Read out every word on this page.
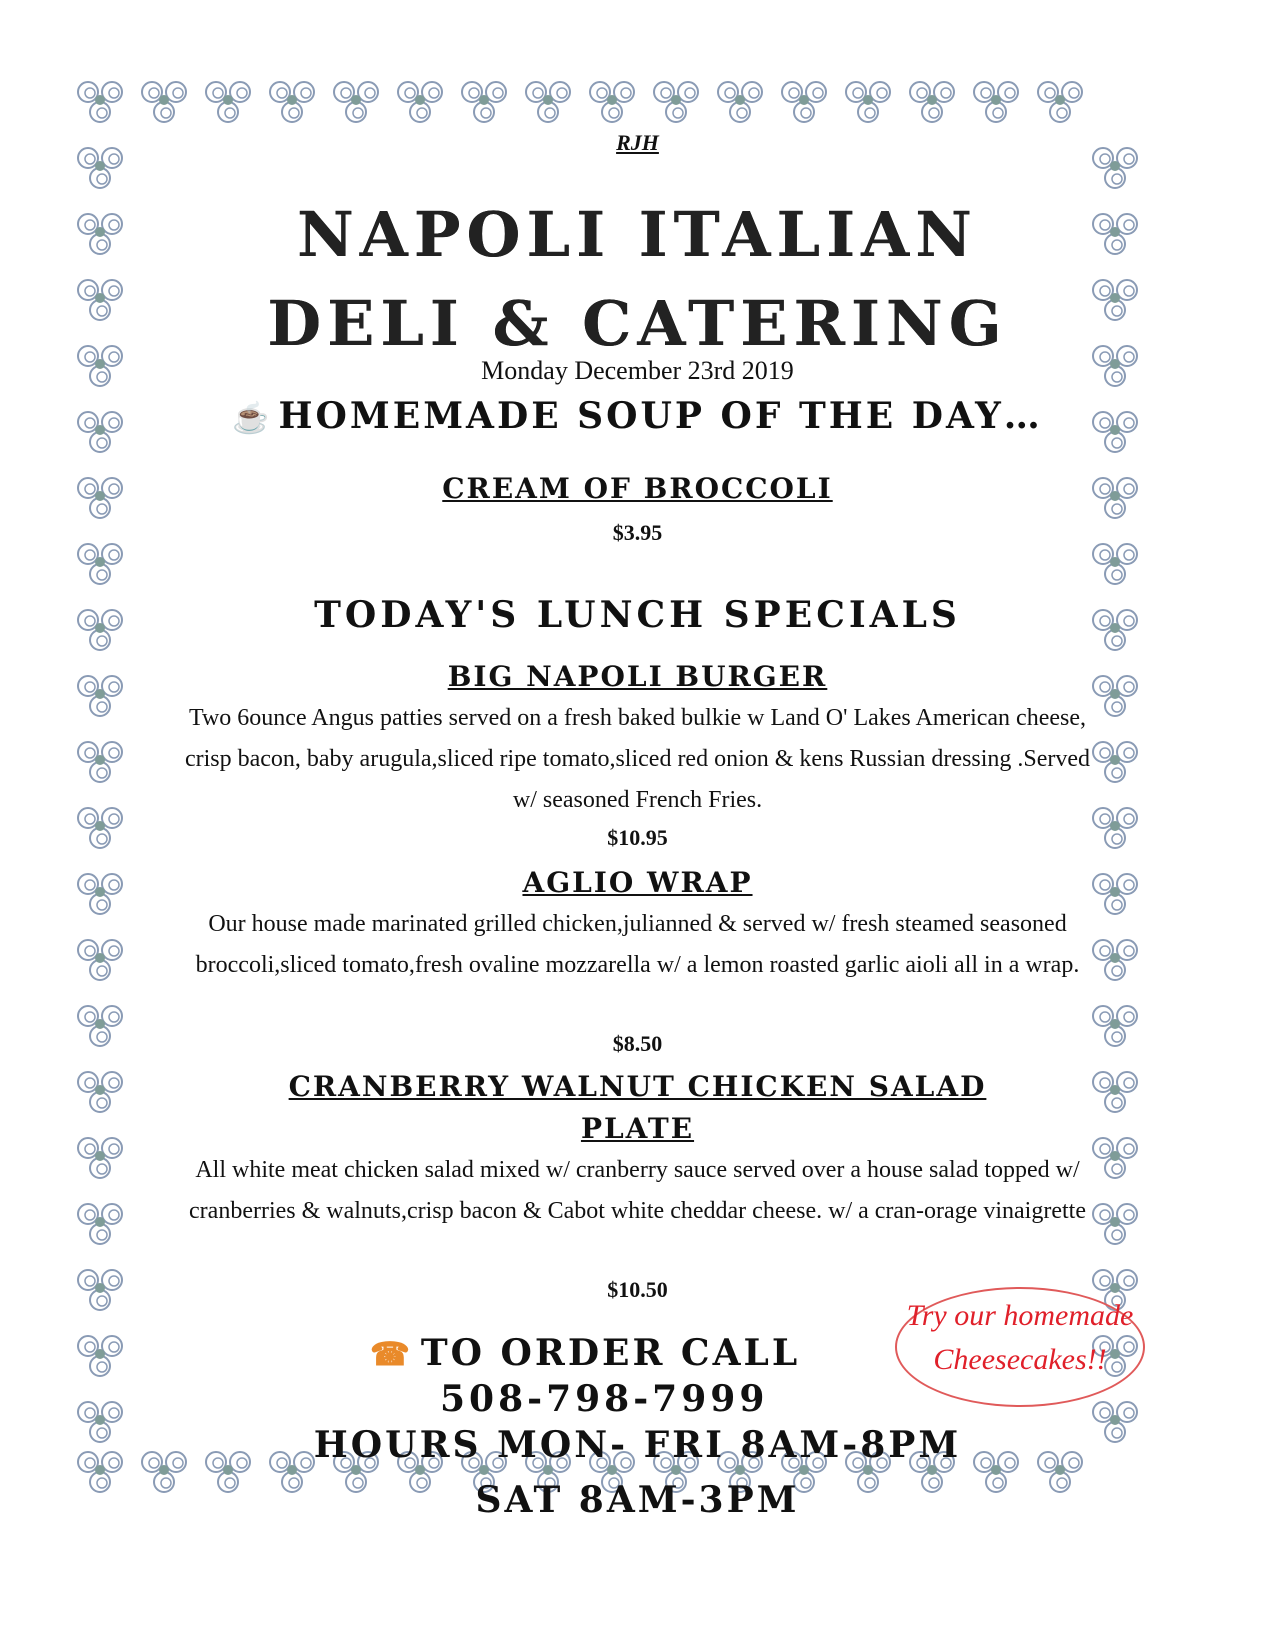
RJH
NAPOLI ITALIAN
DELI & CATERING
Monday December 23rd 2019
☕ HOMEMADE SOUP OF THE DAY…
CREAM OF BROCCOLI
$3.95
TODAY'S LUNCH SPECIALS
BIG NAPOLI BURGER
Two 6ounce Angus patties served on a fresh baked bulkie w Land O' Lakes American cheese, crisp bacon, baby arugula,sliced ripe tomato,sliced red onion & kens Russian dressing .Served w/ seasoned French Fries.
$10.95
AGLIO WRAP
Our house made marinated grilled chicken,julianned & served w/ fresh steamed seasoned broccoli,sliced tomato,fresh ovaline mozzarella w/ a lemon roasted garlic aioli all in a wrap.
$8.50
CRANBERRY WALNUT CHICKEN SALAD
PLATE
All white meat chicken salad mixed w/ cranberry sauce served over a house salad topped w/ cranberries & walnuts,crisp bacon & Cabot white cheddar cheese. w/ a cran-orage vinaigrette
$10.50
☎ TO ORDER CALL
508-798-7999
HOURS MON- FRI 8AM-8PM
SAT 8AM-3PM
Try our homemade
Cheesecakes!!
